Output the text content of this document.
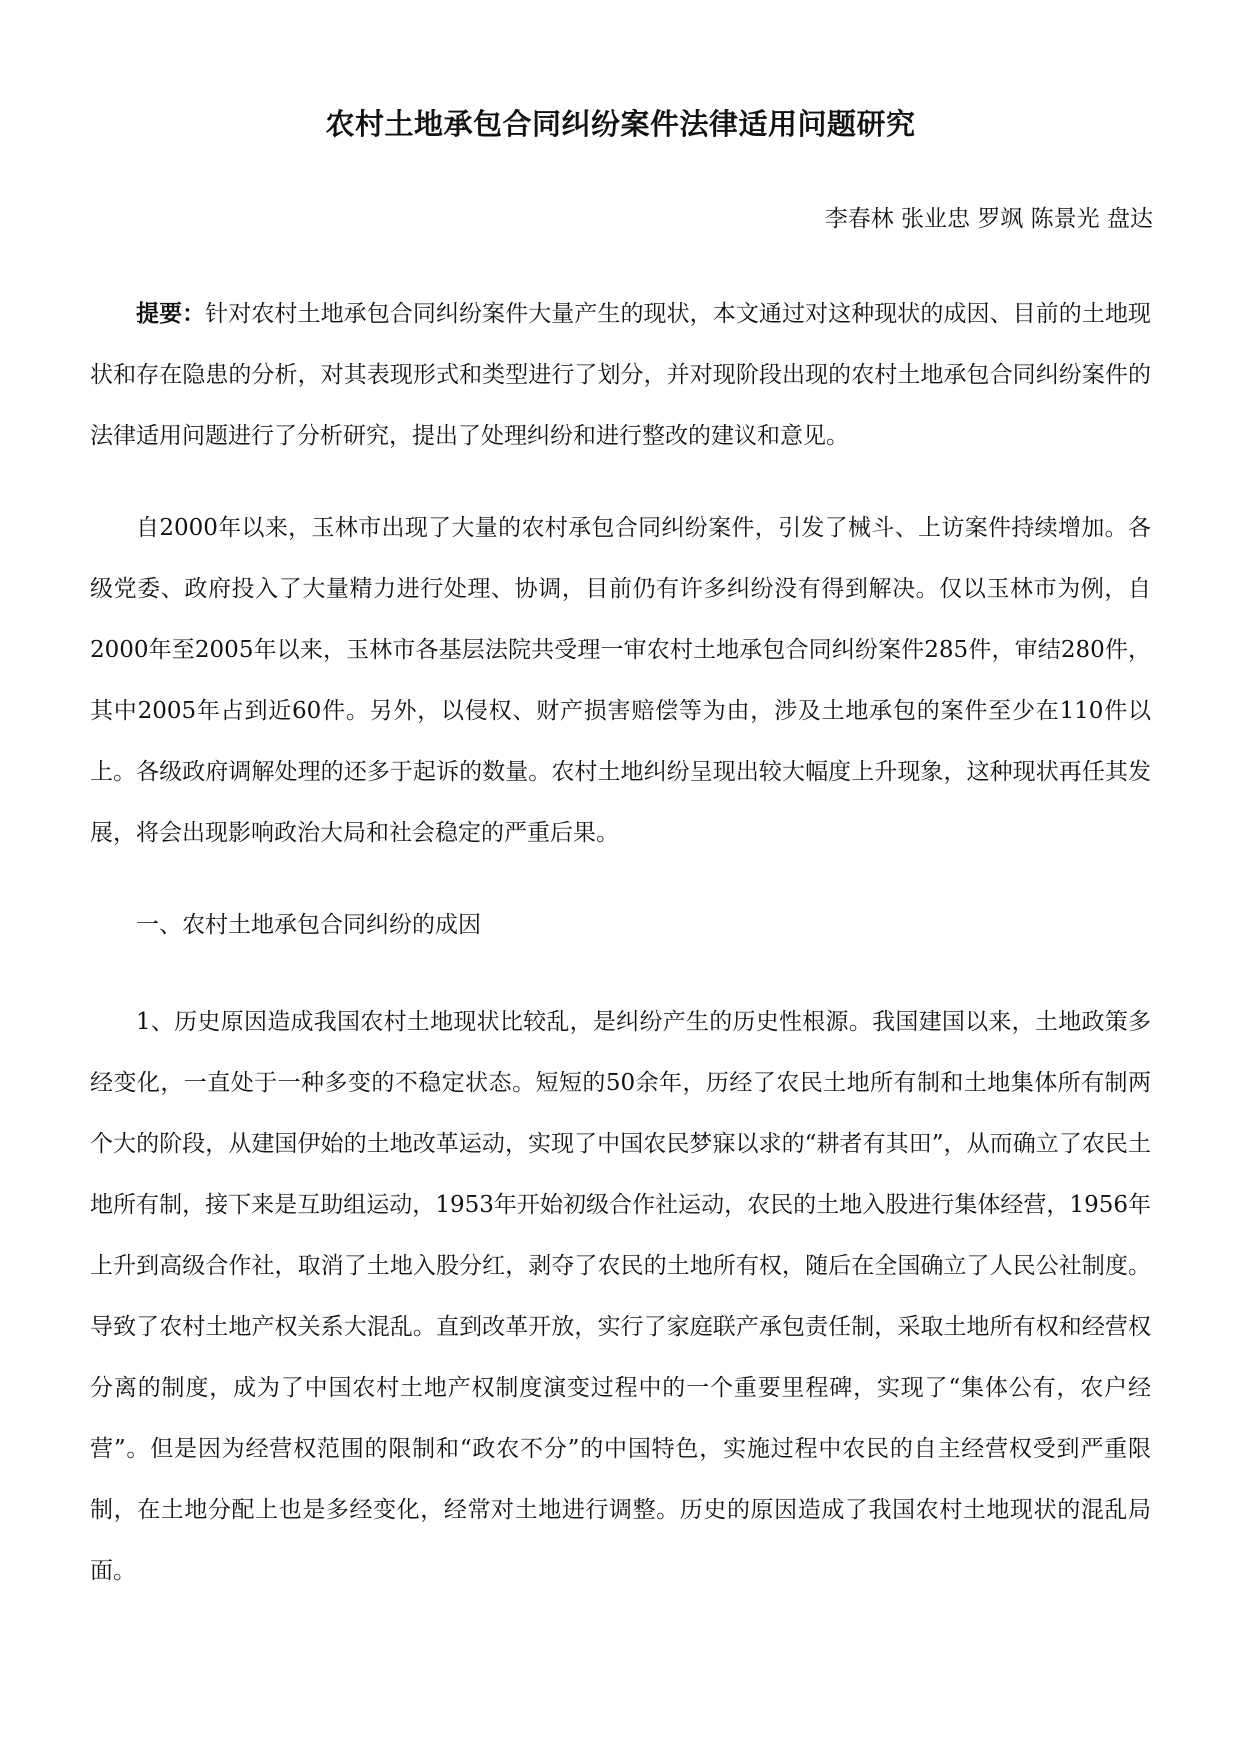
农村土地承包合同纠纷案件法律适用问题研究
李春林 张业忠 罗飒 陈景光 盘达

提要：针对农村土地承包合同纠纷案件大量产生的现状，本文通过对这种现状的成因、目前的土地现状和存在隐患的分析，对其表现形式和类型进行了划分，并对现阶段出现的农村土地承包合同纠纷案件的法律适用问题进行了分析研究，提出了处理纠纷和进行整改的建议和意见。

自2000年以来，玉林市出现了大量的农村承包合同纠纷案件，引发了械斗、上访案件持续增加。各级党委、政府投入了大量精力进行处理、协调，目前仍有许多纠纷没有得到解决。仅以玉林市为例，自2000年至2005年以来，玉林市各基层法院共受理一审农村土地承包合同纠纷案件285件，审结280件，其中2005年占到近60件。另外，以侵权、财产损害赔偿等为由，涉及土地承包的案件至少在110件以上。各级政府调解处理的还多于起诉的数量。农村土地纠纷呈现出较大幅度上升现象，这种现状再任其发展，将会出现影响政治大局和社会稳定的严重后果。

一、农村土地承包合同纠纷的成因

1、历史原因造成我国农村土地现状比较乱，是纠纷产生的历史性根源。我国建国以来，土地政策多经变化，一直处于一种多变的不稳定状态。短短的50余年，历经了农民土地所有制和土地集体所有制两个大的阶段，从建国伊始的土地改革运动，实现了中国农民梦寐以求的“耕者有其田”，从而确立了农民土地所有制，接下来是互助组运动，1953年开始初级合作社运动，农民的土地入股进行集体经营，1956年上升到高级合作社，取消了土地入股分红，剥夺了农民的土地所有权，随后在全国确立了人民公社制度。导致了农村土地产权关系大混乱。直到改革开放，实行了家庭联产承包责任制，采取土地所有权和经营权分离的制度，成为了中国农村土地产权制度演变过程中的一个重要里程碑，实现了“集体公有，农户经营”。但是因为经营权范围的限制和“政农不分”的中国特色，实施过程中农民的自主经营权受到严重限制，在土地分配上也是多经变化，经常对土地进行调整。历史的原因造成了我国农村土地现状的混乱局面。
